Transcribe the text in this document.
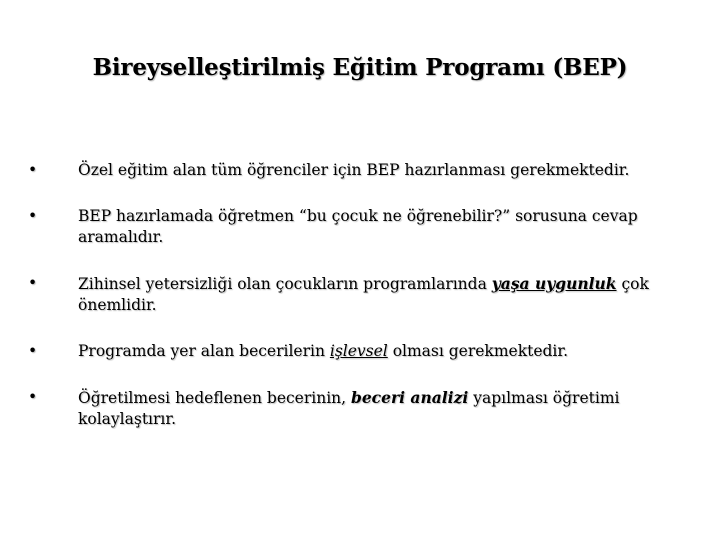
Bireyselleştirilmiş Eğitim Programı (BEP)
•	Özel eğitim alan tüm öğrenciler için BEP hazırlanması gerekmektedir.
•	BEP hazırlamada öğretmen “bu çocuk ne öğrenebilir?” sorusuna cevap aramalıdır.
•	Zihinsel yetersizliği olan çocukların programlarında yaşa uygunluk çok önemlidir.
•	Programda yer alan becerilerin işlevsel olması gerekmektedir.
•	Öğretilmesi hedeflenen becerinin, beceri analizi yapılması öğretimi kolaylaştırır.
